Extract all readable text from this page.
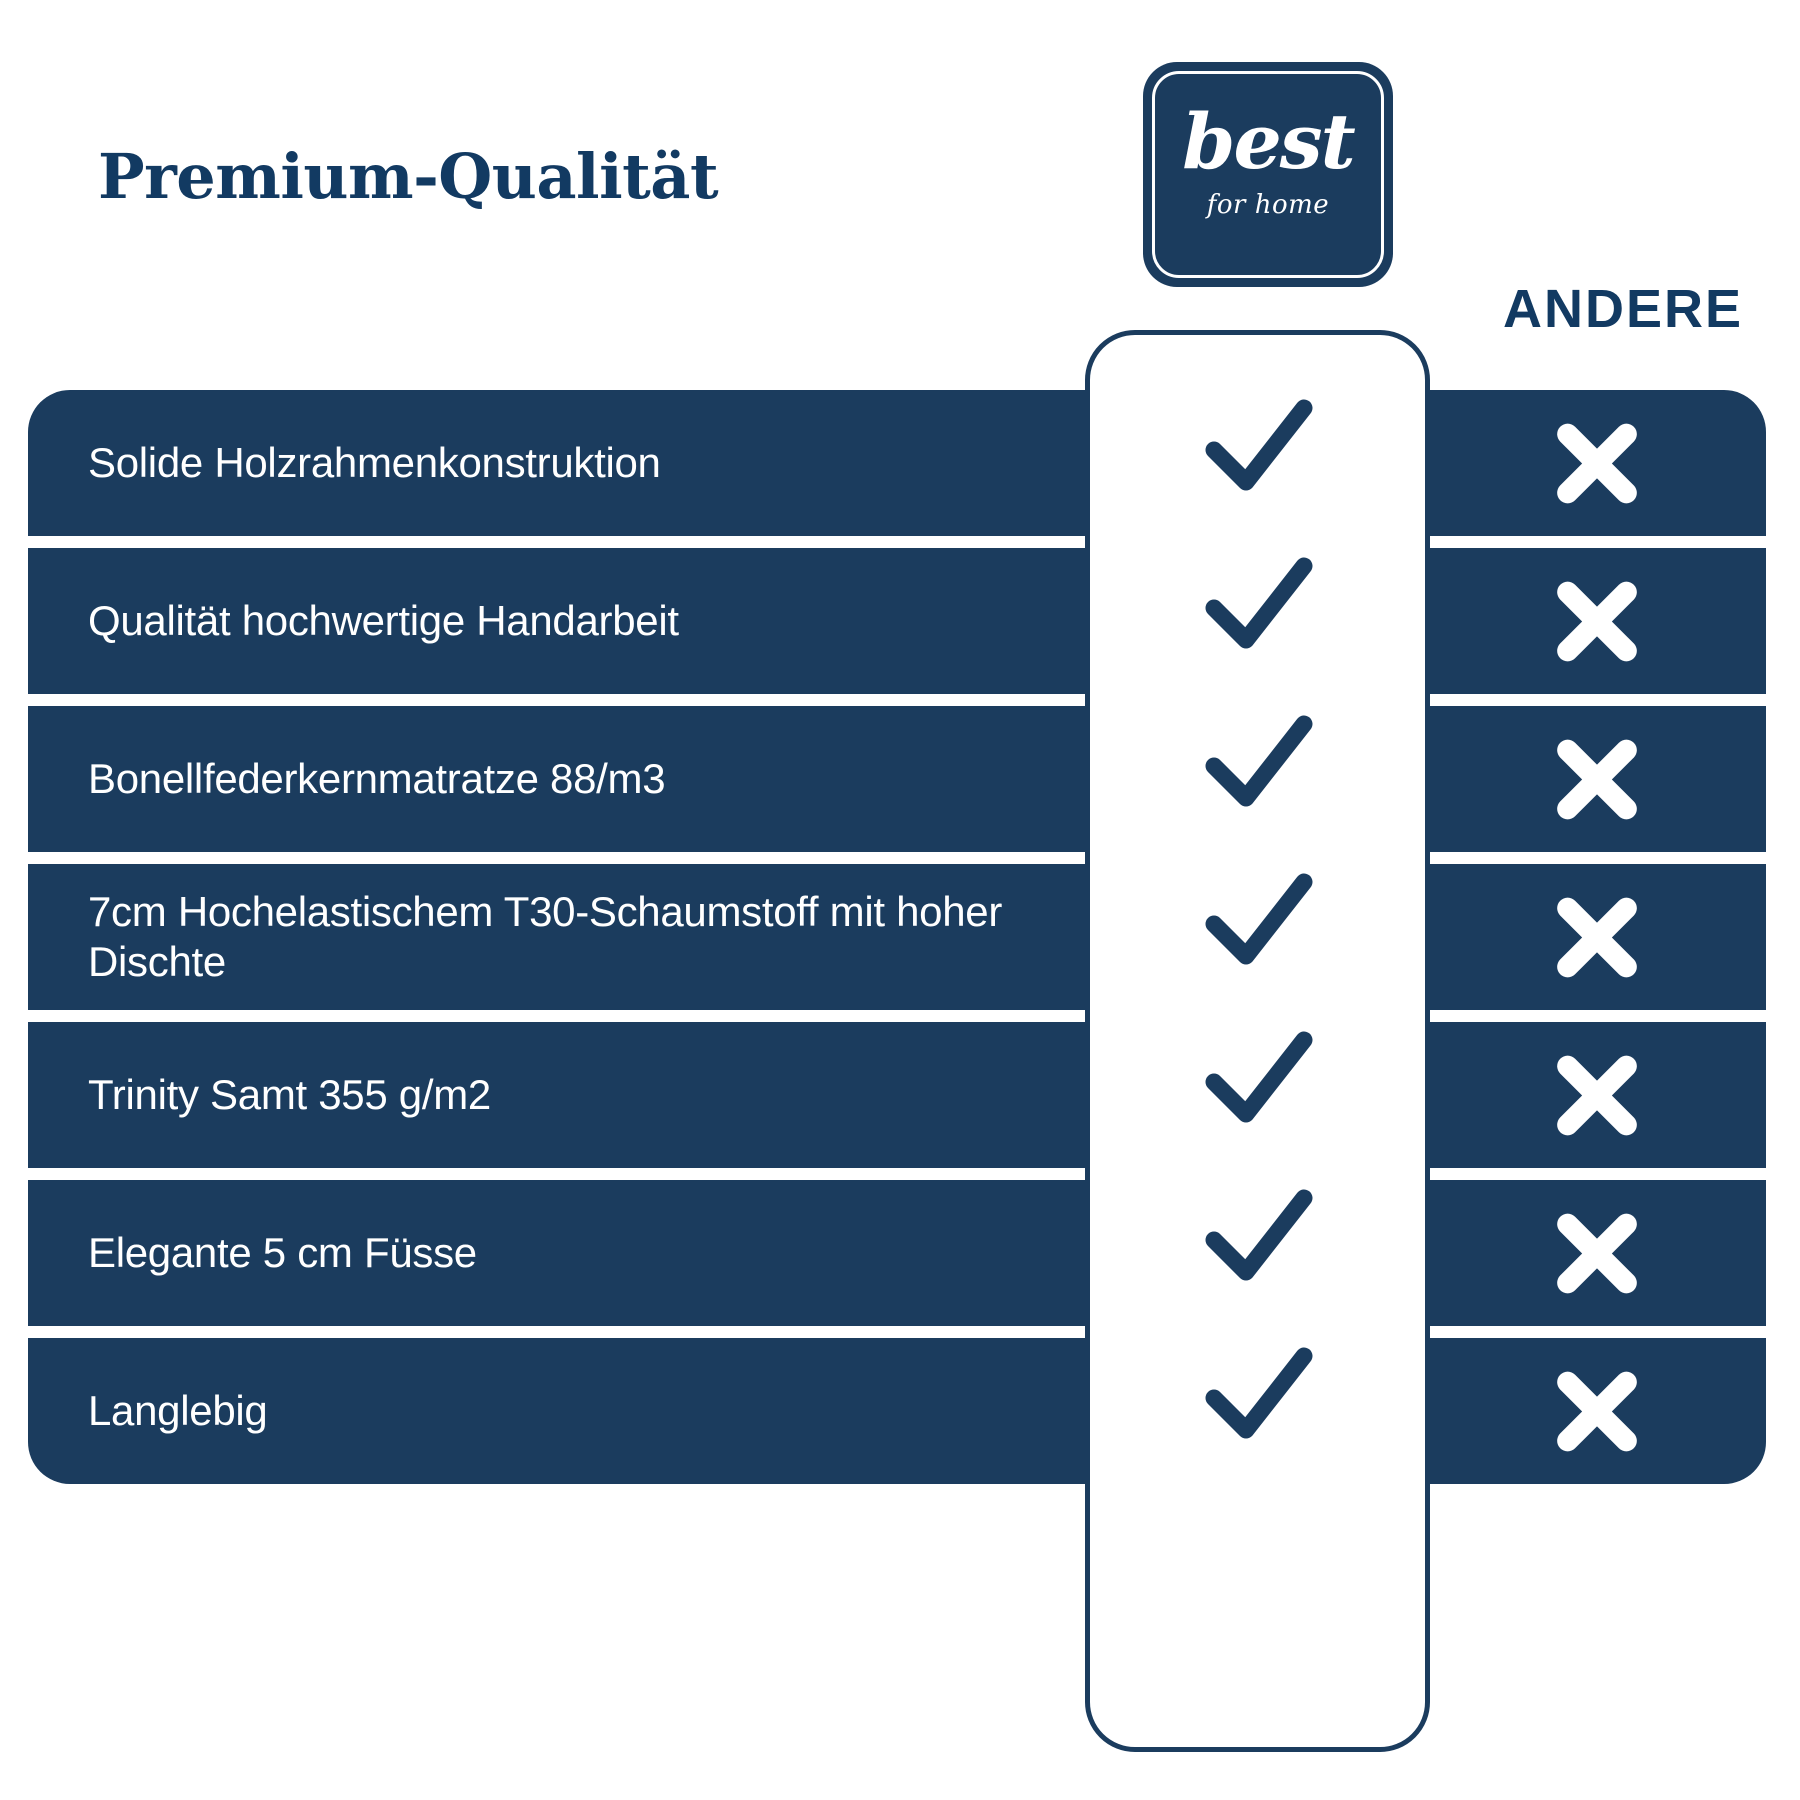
Premium-Qualität	best
for home
ANDERE
Solide Holzrahmenkonstruktion
Qualität hochwertige Handarbeit
Bonellfederkernmatratze 88/m3
7cm Hochelastischem T30-Schaumstoff mit hoher Dischte
Trinity Samt 355 g/m2
Elegante 5 cm Füsse
Langlebig
